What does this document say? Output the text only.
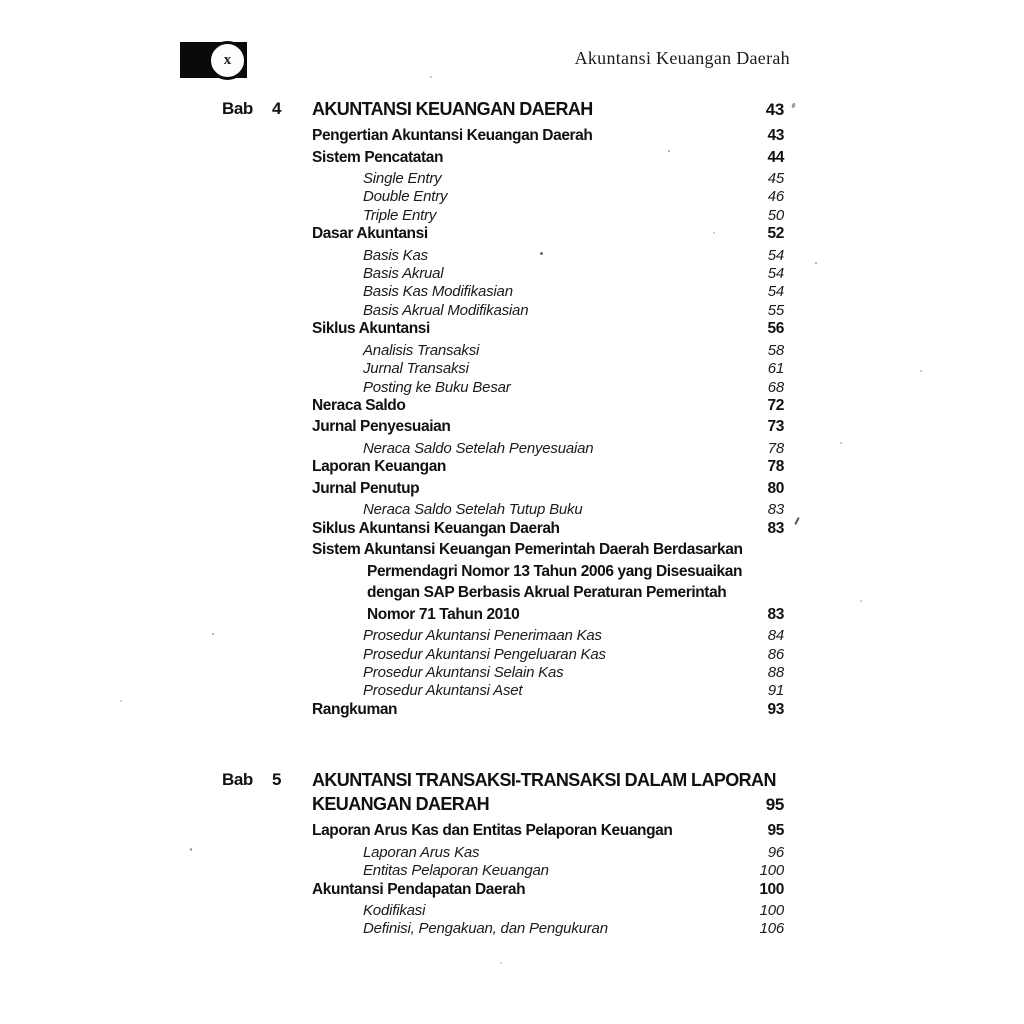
x	Akuntansi Keuangan Daerah
Bab	4	AKUNTANSI KEUANGAN DAERAH	43
Pengertian Akuntansi Keuangan Daerah	43
Sistem Pencatatan	44
Single Entry	45
Double Entry	46
Triple Entry	50
Dasar Akuntansi	52
Basis Kas	54
Basis Akrual	54
Basis Kas Modifikasian	54
Basis Akrual Modifikasian	55
Siklus Akuntansi	56
Analisis Transaksi	58
Jurnal Transaksi	61
Posting ke Buku Besar	68
Neraca Saldo	72
Jurnal Penyesuaian	73
Neraca Saldo Setelah Penyesuaian	78
Laporan Keuangan	78
Jurnal Penutup	80
Neraca Saldo Setelah Tutup Buku	83
Siklus Akuntansi Keuangan Daerah	83
Sistem Akuntansi Keuangan Pemerintah Daerah Berdasarkan
Permendagri Nomor 13 Tahun 2006 yang Disesuaikan
dengan SAP Berbasis Akrual Peraturan Pemerintah
Nomor 71 Tahun 2010	83
Prosedur Akuntansi Penerimaan Kas	84
Prosedur Akuntansi Pengeluaran Kas	86
Prosedur Akuntansi Selain Kas	88
Prosedur Akuntansi Aset	91
Rangkuman	93
Bab	5	AKUNTANSI TRANSAKSI-TRANSAKSI DALAM LAPORAN
KEUANGAN DAERAH	95
Laporan Arus Kas dan Entitas Pelaporan Keuangan	95
Laporan Arus Kas	96
Entitas Pelaporan Keuangan	100
Akuntansi Pendapatan Daerah	100
Kodifikasi	100
Definisi, Pengakuan, dan Pengukuran	106
